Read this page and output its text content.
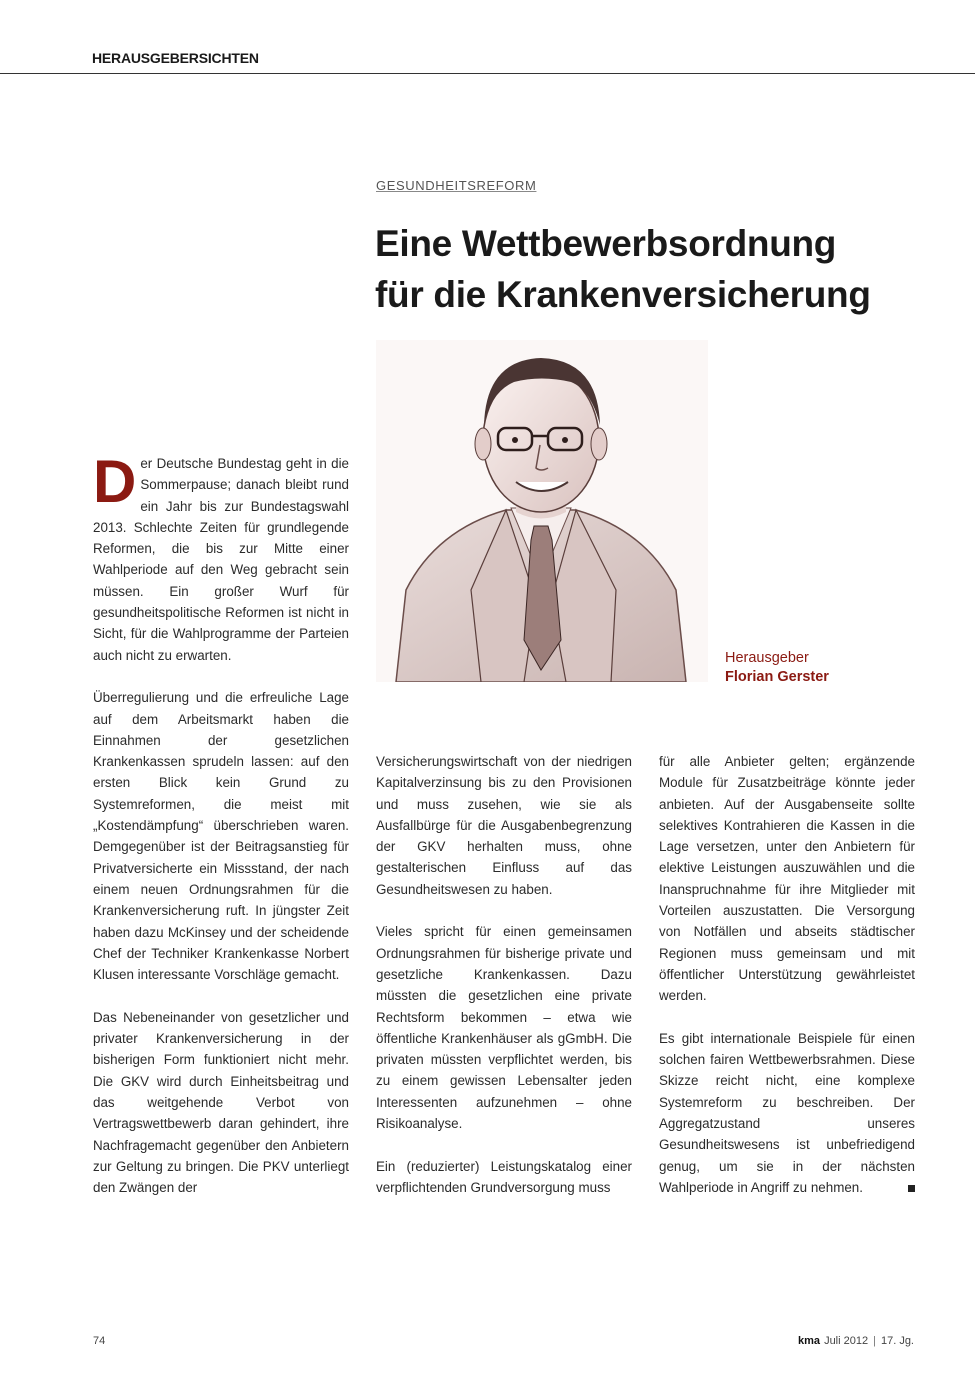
HERAUSGEBERSICHTEN
GESUNDHEITSREFORM
Eine Wettbewerbsordnung
für die Krankenversicherung
Herausgeber
Florian Gerster

Der Deutsche Bundestag geht in die Sommerpause; danach bleibt rund ein Jahr bis zur Bundestagswahl 2013. Schlechte Zeiten für grundlegende Reformen, die bis zur Mitte einer Wahlperiode auf den Weg gebracht sein müssen. Ein großer Wurf für gesundheitspolitische Reformen ist nicht in Sicht, für die Wahlprogramme der Parteien auch nicht zu erwarten.

Überregulierung und die erfreuliche Lage auf dem Arbeitsmarkt haben die Einnahmen der gesetzlichen Krankenkassen sprudeln lassen: auf den ersten Blick kein Grund zu Systemreformen, die meist mit „Kostendämpfung“ überschrieben waren. Demgegenüber ist der Beitragsanstieg für Privatversicherte ein Missstand, der nach einem neuen Ordnungsrahmen für die Krankenversicherung ruft. In jüngster Zeit haben dazu McKinsey und der scheidende Chef der Techniker Krankenkasse Norbert Klusen interessante Vorschläge gemacht.

Das Nebeneinander von gesetzlicher und privater Krankenversicherung in der bisherigen Form funktioniert nicht mehr. Die GKV wird durch Einheitsbeitrag und das weitgehende Verbot von Vertragswettbewerb daran gehindert, ihre Nachfragemacht gegenüber den Anbietern zur Geltung zu bringen. Die PKV unterliegt den Zwängen der

Versicherungswirtschaft von der niedrigen Kapitalverzinsung bis zu den Provisionen und muss zusehen, wie sie als Ausfallbürge für die Ausgabenbegrenzung der GKV herhalten muss, ohne gestalterischen Einfluss auf das Gesundheitswesen zu haben.

Vieles spricht für einen gemeinsamen Ordnungsrahmen für bisherige private und gesetzliche Krankenkassen. Dazu müssten die gesetzlichen eine private Rechtsform bekommen – etwa wie öffentliche Krankenhäuser als gGmbH. Die privaten müssten verpflichtet werden, bis zu einem gewissen Lebensalter jeden Interessenten aufzunehmen – ohne Risikoanalyse.

Ein (reduzierter) Leistungskatalog einer verpflichtenden Grundversorgung muss

für alle Anbieter gelten; ergänzende Module für Zusatzbeiträge könnte jeder anbieten. Auf der Ausgabenseite sollte selektives Kontrahieren die Kassen in die Lage versetzen, unter den Anbietern für elektive Leistungen auszuwählen und die Inanspruchnahme für ihre Mitglieder mit Vorteilen auszustatten. Die Versorgung von Notfällen und abseits städtischer Regionen muss gemeinsam und mit öffentlicher Unterstützung gewährleistet werden.

Es gibt internationale Beispiele für einen solchen fairen Wettbewerbsrahmen. Diese Skizze reicht nicht, eine komplexe Systemreform zu beschreiben. Der Aggregatzustand unseres Gesundheitswesens ist unbefriedigend genug, um sie in der nächsten Wahlperiode in Angriff zu nehmen.

74	kma Juli 2012 | 17. Jg.
